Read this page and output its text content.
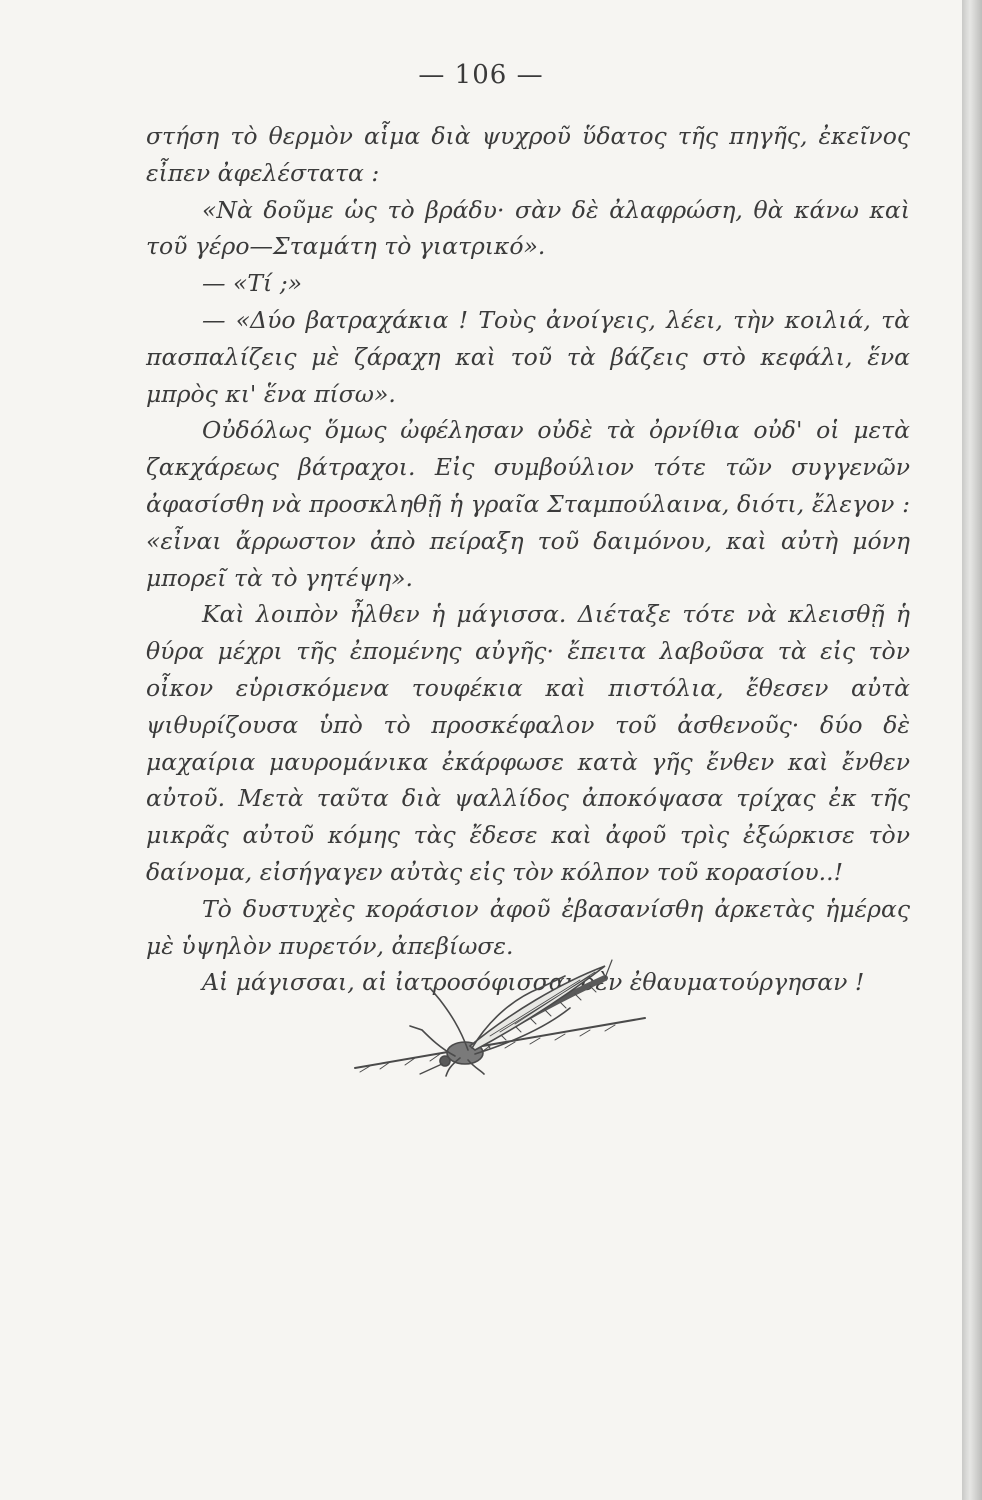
— 106 —

στήση τὸ θερμὸν αἷμα διὰ ψυχροῦ ὕδατος τῆς πηγῆς, ἐκεῖνος εἶπεν ἀφελέστατα :

«Νὰ δοῦμε ὡς τὸ βράδυ· σὰν δὲ ἀλαφρώση, θὰ κάνω καὶ τοῦ γέρο—Σταμάτη τὸ γιατρικό».

— «Τί ;»

— «Δύο βατραχάκια ! Τοὺς ἀνοίγεις, λέει, τὴν κοιλιά, τὰ πασπαλίζεις μὲ ζάραχη καὶ τοῦ τὰ βάζεις στὸ κεφάλι, ἕνα μπρὸς κι' ἕνα πίσω».

Οὐδόλως ὅμως ὠφέλησαν οὐδὲ τὰ ὀρνίθια οὐδ' οἱ μετὰ ζακχάρεως βάτραχοι. Εἰς συμβούλιον τότε τῶν συγγενῶν ἀφασίσθη νὰ προσκληθῇ ἡ γραῖα Σταμπούλαινα, διότι, ἔλεγον : «εἶναι ἄρρωστον ἀπὸ πείραξη τοῦ δαιμόνου, καὶ αὐτὴ μόνη μπορεῖ τὰ τὸ γητέψη».

Καὶ λοιπὸν ἦλθεν ἡ μάγισσα. Διέταξε τότε νὰ κλεισθῇ ἡ θύρα μέχρι τῆς ἐπομένης αὐγῆς· ἔπειτα λαβοῦσα τὰ εἰς τὸν οἶκον εὑρισκόμενα τουφέκια καὶ πιστόλια, ἔθεσεν αὐτὰ ψιθυρίζουσα ὑπὸ τὸ προσκέφαλον τοῦ ἀσθενοῦς· δύο δὲ μαχαίρια μαυρομάνικα ἐκάρφωσε κατὰ γῆς ἔνθεν καὶ ἔνθεν αὐτοῦ. Μετὰ ταῦτα διὰ ψαλλίδος ἀποκόψασα τρίχας ἐκ τῆς μικρᾶς αὐτοῦ κόμης τὰς ἔδεσε καὶ ἀφοῦ τρὶς ἐξώρκισε τὸν δαίνομα, εἰσήγαγεν αὐτὰς εἰς τὸν κόλπον τοῦ κορασίου..!

Τὸ δυστυχὲς κοράσιον ἀφοῦ ἐβασανίσθη ἀρκετὰς ἡμέρας μὲ ὑψηλὸν πυρετόν, ἀπεβίωσε.

Αἱ μάγισσαι, αἱ ἰατροσόφισσαι δὲν ἐθαυματούργησαν !
